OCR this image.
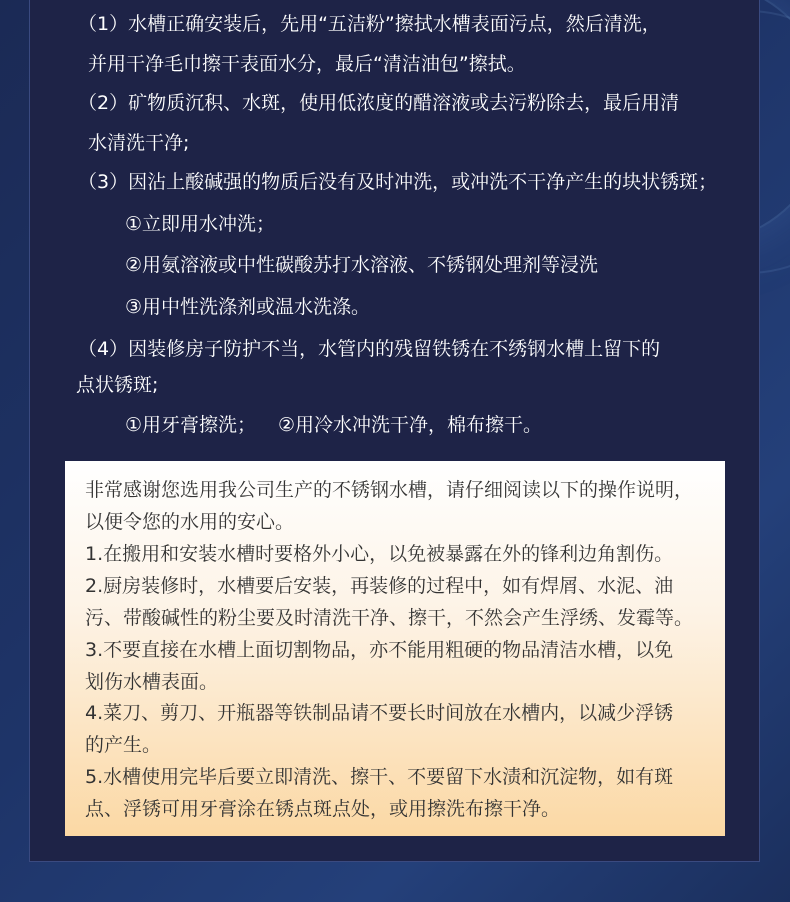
（1）水槽正确安装后，先用“五洁粉”擦拭水槽表面污点，然后清洗，
并用干净毛巾擦干表面水分，最后“清洁油包”擦拭。
（2）矿物质沉积、水斑，使用低浓度的醋溶液或去污粉除去，最后用清
水清洗干净;
（3）因沾上酸碱强的物质后没有及时冲洗，或冲洗不干净产生的块状锈斑；
①立即用水冲洗；
②用氨溶液或中性碳酸苏打水溶液、不锈钢处理剂等浸洗
③用中性洗涤剂或温水洗涤。
（4）因装修房子防护不当，水管内的残留铁锈在不绣钢水槽上留下的
点状锈斑;
①用牙膏擦洗； ②用冷水冲洗干净，棉布擦干。
非常感谢您选用我公司生产的不锈钢水槽，请仔细阅读以下的操作说明，
以便令您的水用的安心。
1.在搬用和安装水槽时要格外小心，以免被暴露在外的锋利边角割伤。
2.厨房装修时，水槽要后安装，再装修的过程中，如有焊屑、水泥、油
污、带酸碱性的粉尘要及时清洗干净、擦干，不然会产生浮绣、发霉等。
3.不要直接在水槽上面切割物品，亦不能用粗硬的物品清洁水槽，以免
划伤水槽表面。
4.菜刀、剪刀、开瓶器等铁制品请不要长时间放在水槽内，以减少浮锈
的产生。
5.水槽使用完毕后要立即清洗、擦干、不要留下水渍和沉淀物，如有斑
点、浮锈可用牙膏涂在锈点斑点处，或用擦洗布擦干净。
